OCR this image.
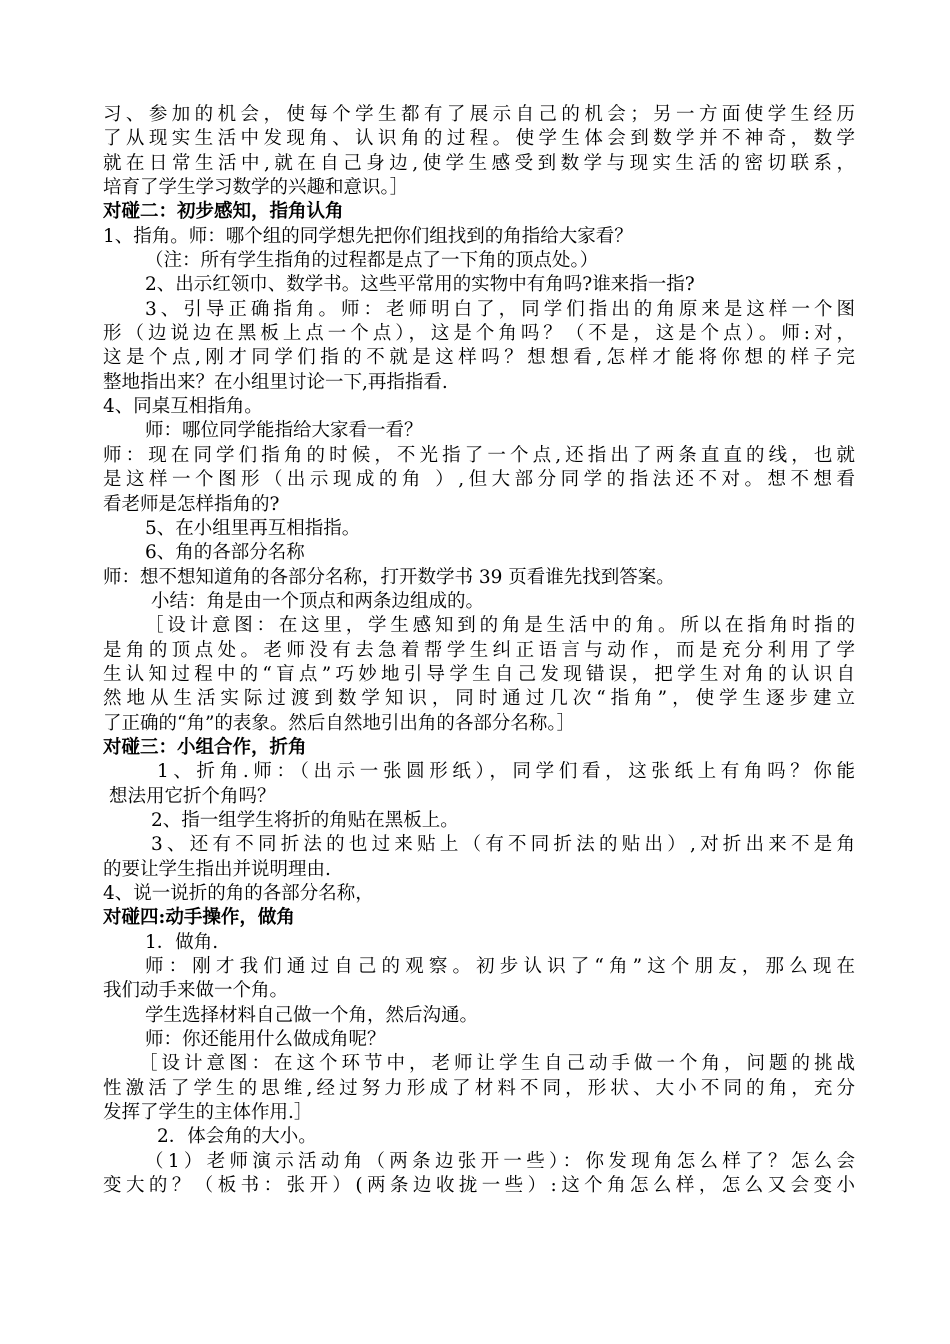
习、参加的机会，使每个学生都有了展示自己的机会；另一方面使学生经历
了从现实生活中发现角、认识角的过程。使学生体会到数学并不神奇，数学
就在日常生活中,就在自己身边,使学生感受到数学与现实生活的密切联系，
培育了学生学习数学的兴趣和意识。］
对碰二：初步感知，指角认角
1、指角。师：哪个组的同学想先把你们组找到的角指给大家看？
（注：所有学生指角的过程都是点了一下角的顶点处。）
2、出示红领巾、数学书。这些平常用的实物中有角吗?谁来指一指?
3、引导正确指角。师：老师明白了，同学们指出的角原来是这样一个图
形（边说边在黑板上点一个点），这是个角吗？（不是，这是个点）。师:对，
这是个点,刚才同学们指的不就是这样吗？想想看,怎样才能将你想的样子完
整地指出来？在小组里讨论一下,再指指看.
4、同桌互相指角。
师：哪位同学能指给大家看一看？
师：现在同学们指角的时候，不光指了一个点,还指出了两条直直的线，也就
是这样一个图形（出示现成的角 ）,但大部分同学的指法还不对。想不想看
看老师是怎样指角的?
5、在小组里再互相指指。
6、角的各部分名称
师：想不想知道角的各部分名称，打开数学书 39 页看谁先找到答案。
小结：角是由一个顶点和两条边组成的。
［设计意图：在这里，学生感知到的角是生活中的角。所以在指角时指的
是角的顶点处。老师没有去急着帮学生纠正语言与动作，而是充分利用了学
生认知过程中的“盲点”巧妙地引导学生自己发现错误，把学生对角的认识自
然地从生活实际过渡到数学知识，同时通过几次“指角”，使学生逐步建立
了正确的“角”的表象。然后自然地引出角的各部分名称。］
对碰三：小组合作，折角
1、折角.师：（出示一张圆形纸），同学们看，这张纸上有角吗？你能
想法用它折个角吗？
2、指一组学生将折的角贴在黑板上。
3、还有不同折法的也过来贴上（有不同折法的贴出）,对折出来不是角
的要让学生指出并说明理由.
4、说一说折的角的各部分名称，
对碰四:动手操作，做角
1．做角.
师：刚才我们通过自己的观察。初步认识了“角”这个朋友，那么现在
我们动手来做一个角。
学生选择材料自己做一个角，然后沟通。
师：你还能用什么做成角呢？
［设计意图：在这个环节中，老师让学生自己动手做一个角，问题的挑战
性激活了学生的思维,经过努力形成了材料不同，形状、大小不同的角，充分
发挥了学生的主体作用.］
2．体会角的大小。
（1）老师演示活动角（两条边张开一些）：你发现角怎么样了？怎么会
变大的？（板书：张开）(两条边收拢一些）:这个角怎么样，怎么又会变小
